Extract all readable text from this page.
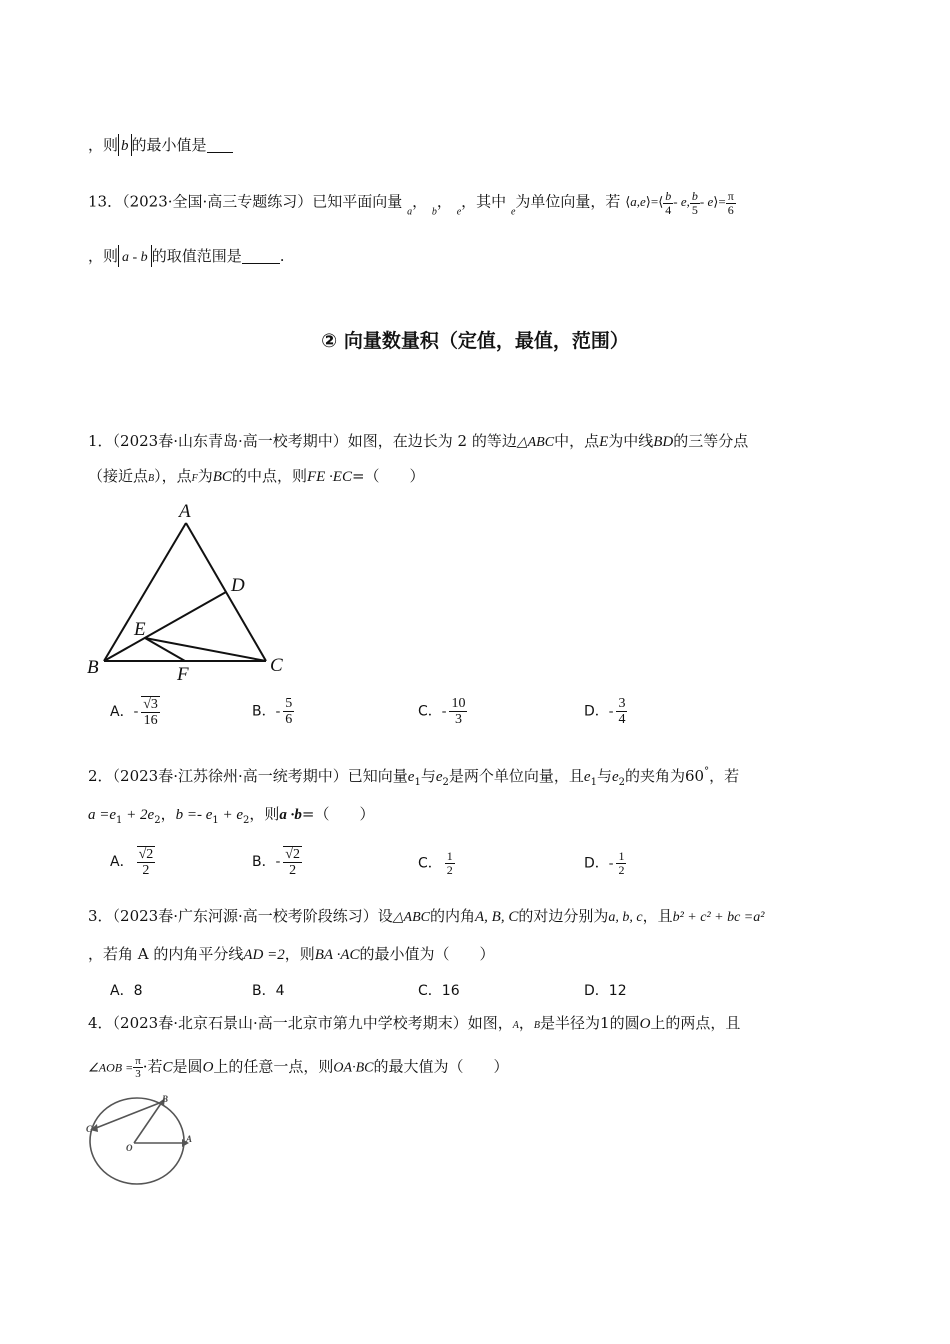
，则 b 的最小值是
13．（2023·全国·高三专题练习）已知平面向量 $_a$， $_b$， $_e$，其中 $_e$为单位向量，若 ⟨a,e⟩=⟨ $\frac{b}{4}$ - e, $\frac{b}{5}$ - e⟩= $\frac{\pi}{6}$
，则 a - b 的取值范围是	.
② 向量数量积（定值，最值，范围）
1．（2023春·山东青岛·高一校考期中）如图，在边长为 2 的等边△ABC中，点E为中线BD的三等分点
（接近点B），点F为BC的中点，则FE ·EC=（　　）
A
B	C
D
E
F
A．- $\frac{√3}{16}$	B．- $\frac{5}{6}$	C．- $\frac{10}{3}$	D．- $\frac{3}{4}$
2．（2023春·江苏徐州·高一统考期中）已知向量$e_1$与$e_2$是两个单位向量，且$e_1$与$e_2$的夹角为60°，若
$a =e_1 + 2e_2$，$b =- e_1 + e_2$，则a ·b=（　　）
A． $\frac{√2}{2}$	B．- $\frac{√2}{2}$	C． $\frac{1}{2}$	D．- $\frac{1}{2}$
3．（2023春·广东河源·高一校考阶段练习）设△ABC的内角A, B, C的对边分别为a, b, c，且b² + c² + bc =a²
，若角 A 的内角平分线AD =2，则BA ·AC的最小值为（　　）
A．8	B．4	C．16	D．12
4．（2023春·北京石景山·高一北京市第九中学校考期末）如图，A，B是半径为1的圆O上的两点，且
∠AOB = $\frac{\pi}{3}$ ·若C是圆O上的任意一点，则OA·BC的最大值为（　　）
A
B
C
O
